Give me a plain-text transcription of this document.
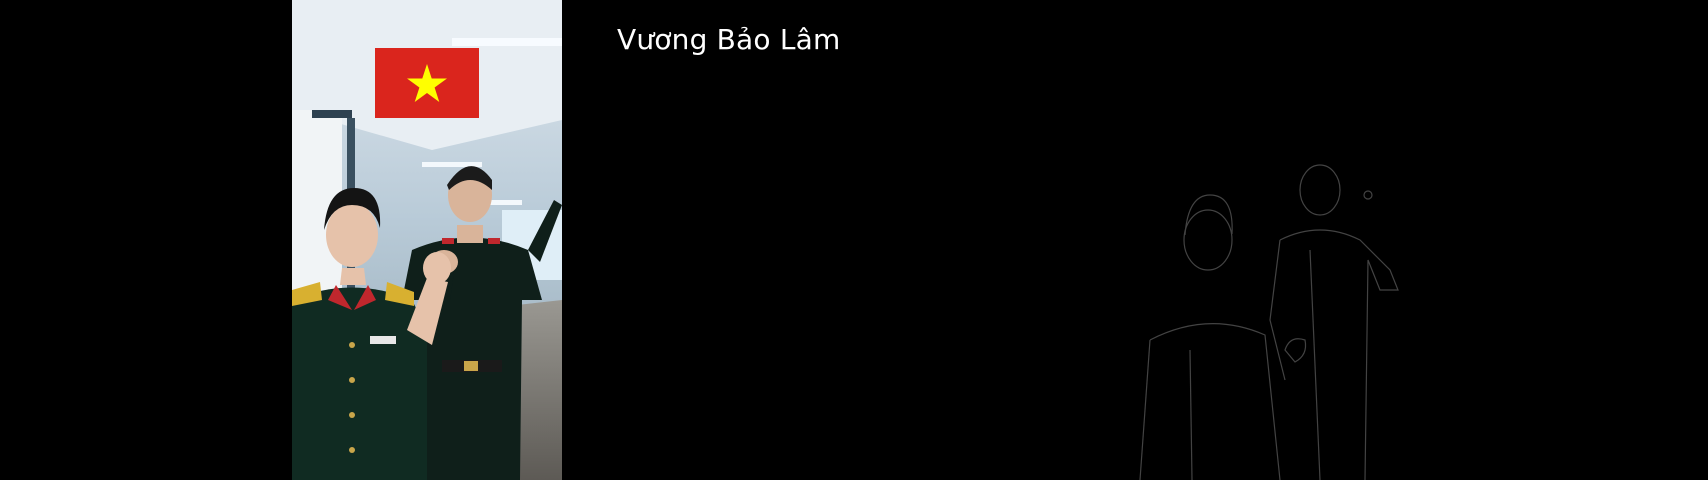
Vương Bảo Lâm
